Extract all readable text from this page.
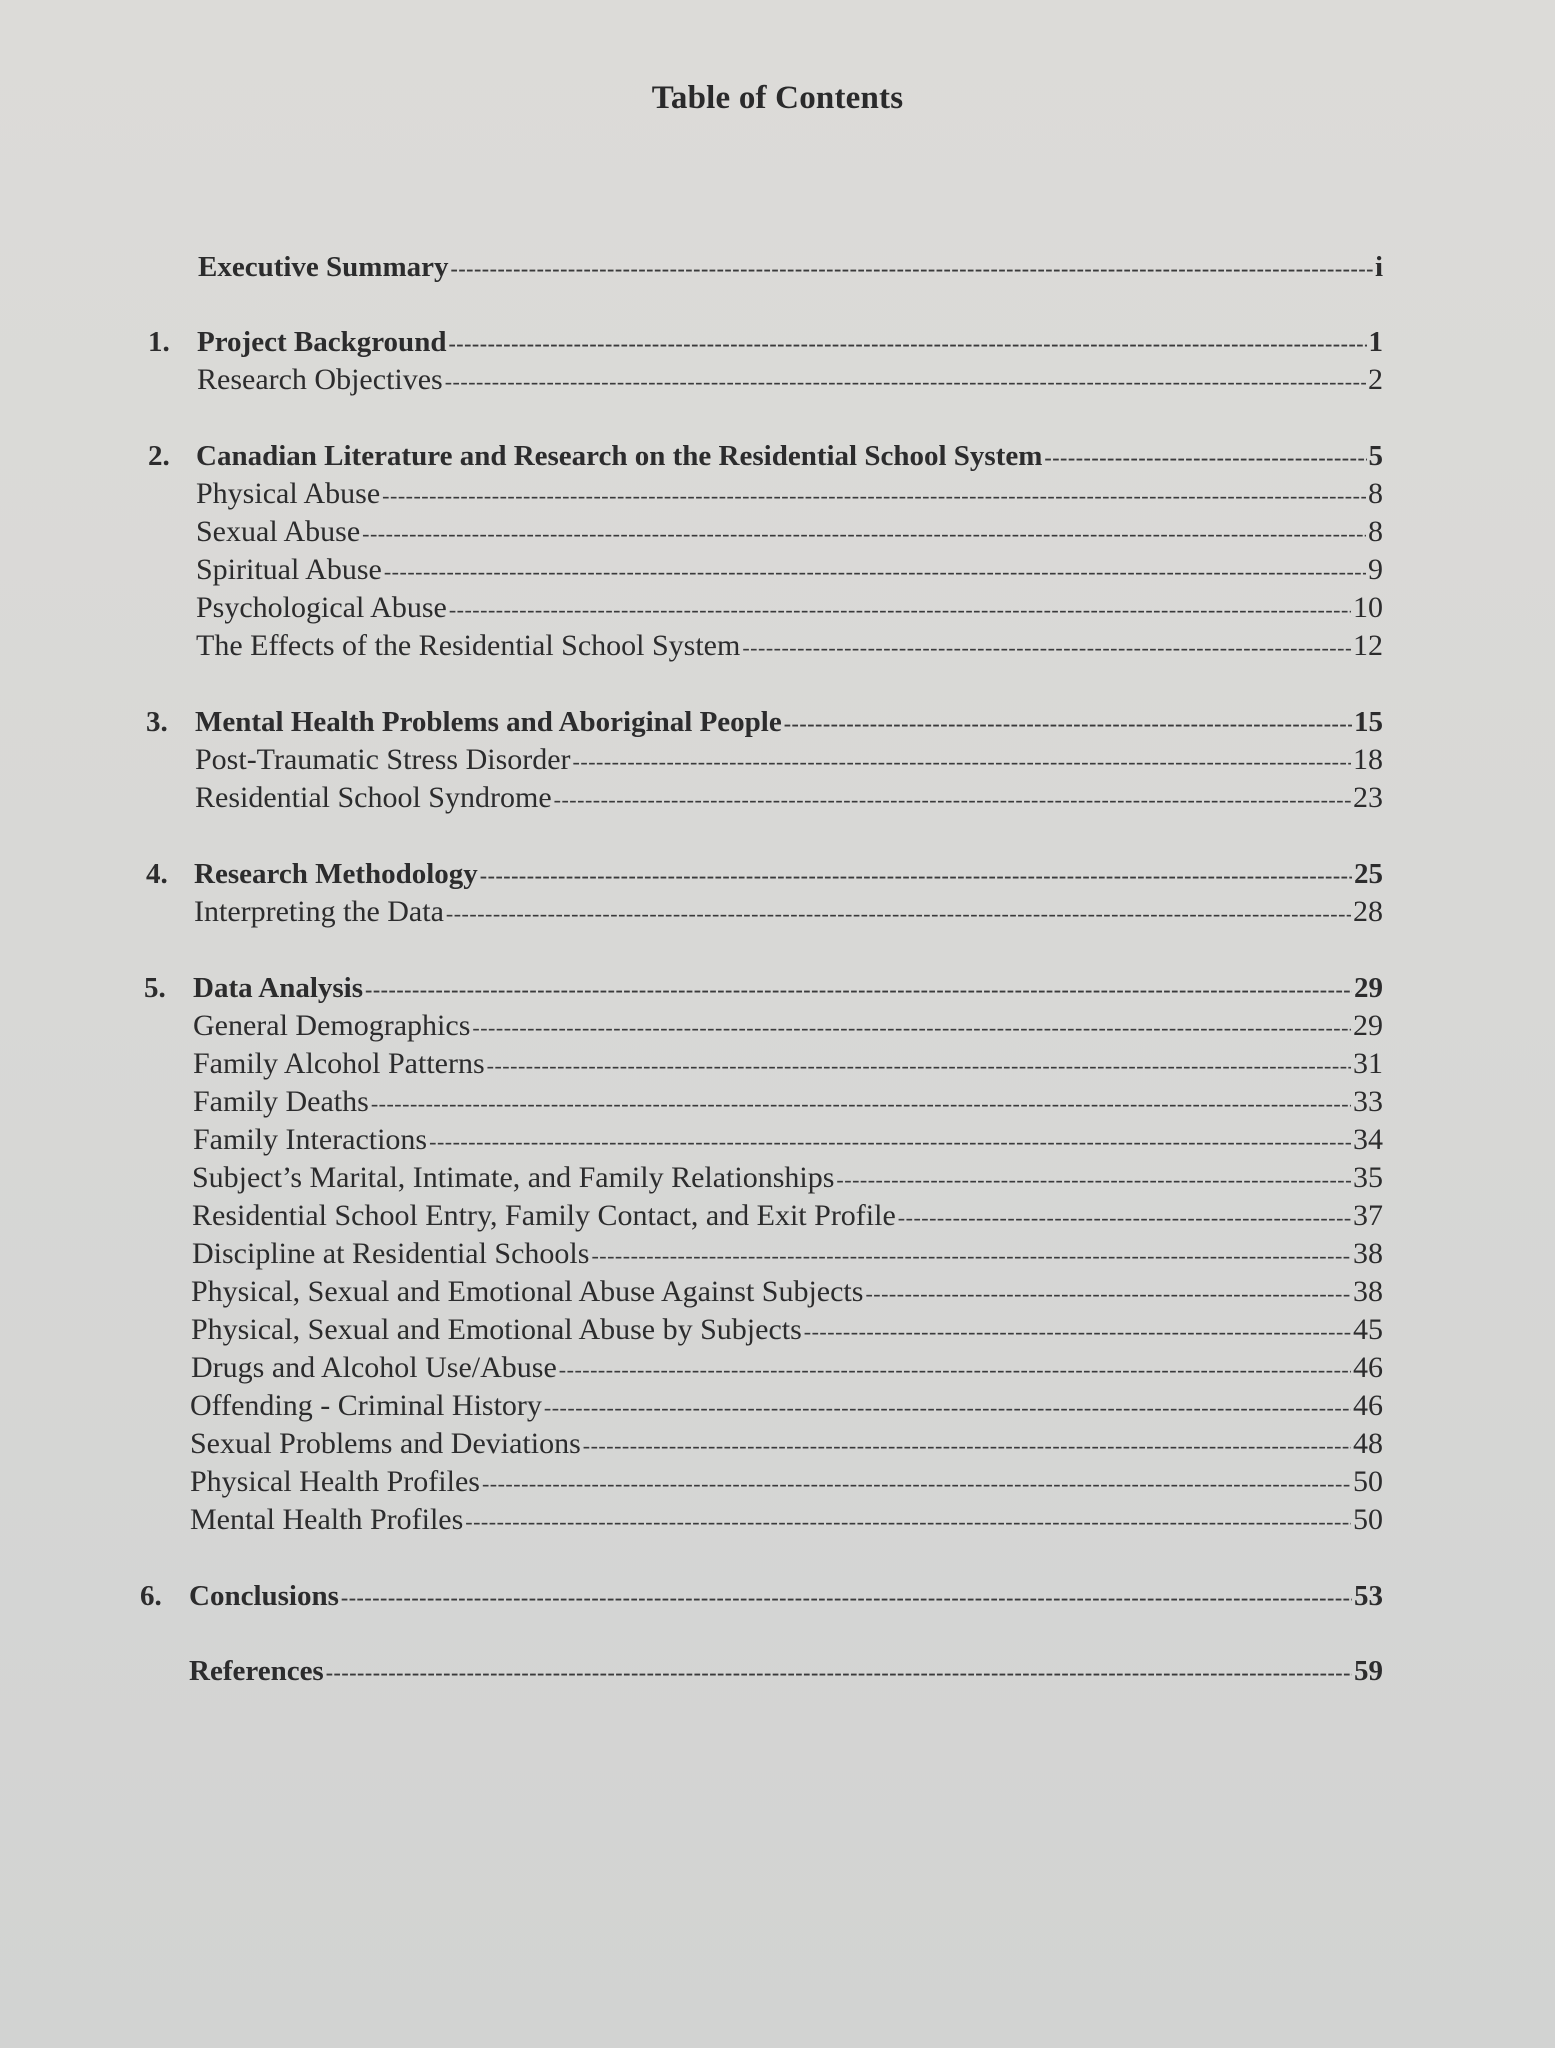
Table of Contents
Executive Summary -----	i
1. Project Background -----	1
Research Objectives -----	2
2. Canadian Literature and Research on the Residential School System -----	5
Physical Abuse -----	8
Sexual Abuse -----	8
Spiritual Abuse -----	9
Psychological Abuse -----	10
The Effects of the Residential School System -----	12
3. Mental Health Problems and Aboriginal People -----	15
Post-Traumatic Stress Disorder -----	18
Residential School Syndrome -----	23
4. Research Methodology -----	25
Interpreting the Data -----	28
5. Data Analysis -----	29
General Demographics -----	29
Family Alcohol Patterns -----	31
Family Deaths -----	33
Family Interactions -----	34
Subject’s Marital, Intimate, and Family Relationships -----	35
Residential School Entry, Family Contact, and Exit Profile -----	37
Discipline at Residential Schools -----	38
Physical, Sexual and Emotional Abuse Against Subjects -----	38
Physical, Sexual and Emotional Abuse by Subjects -----	45
Drugs and Alcohol Use/Abuse -----	46
Offending - Criminal History -----	46
Sexual Problems and Deviations -----	48
Physical Health Profiles -----	50
Mental Health Profiles -----	50
6. Conclusions -----	53
References -----	59
